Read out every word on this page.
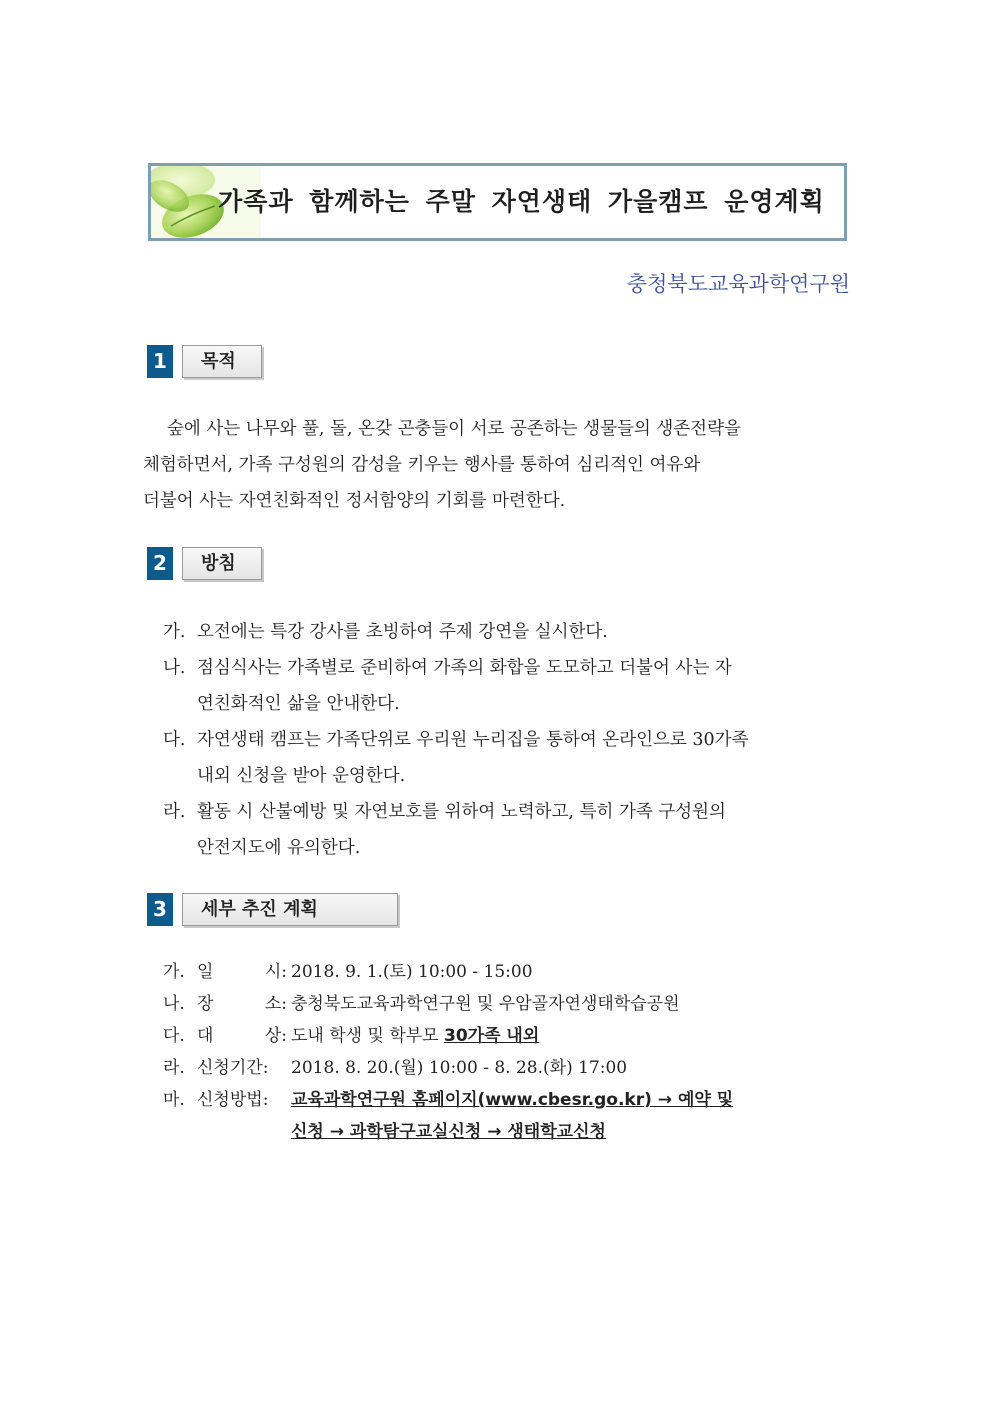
가족과 함께하는 주말 자연생태 가을캠프 운영계획
충청북도교육과학연구원
1	목적
숲에 사는 나무와 풀, 돌, 온갖 곤충들이 서로 공존하는 생물들의 생존전략을
체험하면서, 가족 구성원의 감성을 키우는 행사를 통하여 심리적인 여유와
더불어 사는 자연친화적인 정서함양의 기회를 마련한다.
2	방침
가. 오전에는 특강 강사를 초빙하여 주제 강연을 실시한다.
나. 점심식사는 가족별로 준비하여 가족의 화합을 도모하고 더불어 사는 자
연친화적인 삶을 안내한다.
다. 자연생태 캠프는 가족단위로 우리원 누리집을 통하여 온라인으로 30가족
내외 신청을 받아 운영한다.
라. 활동 시 산불예방 및 자연보호를 위하여 노력하고, 특히 가족 구성원의
안전지도에 유의한다.
3	세부 추진 계획
가. 일	시: 2018. 9. 1.(토) 10:00 - 15:00
나. 장	소: 충청북도교육과학연구원 및 우암골자연생태학습공원
다. 대	상: 도내 학생 및 학부모 30가족 내외
라. 신청기간:	2018. 8. 20.(월) 10:00 - 8. 28.(화) 17:00
마. 신청방법:	교육과학연구원 홈페이지(www.cbesr.go.kr) → 예약 및
신청 → 과학탐구교실신청 → 생태학교신청
